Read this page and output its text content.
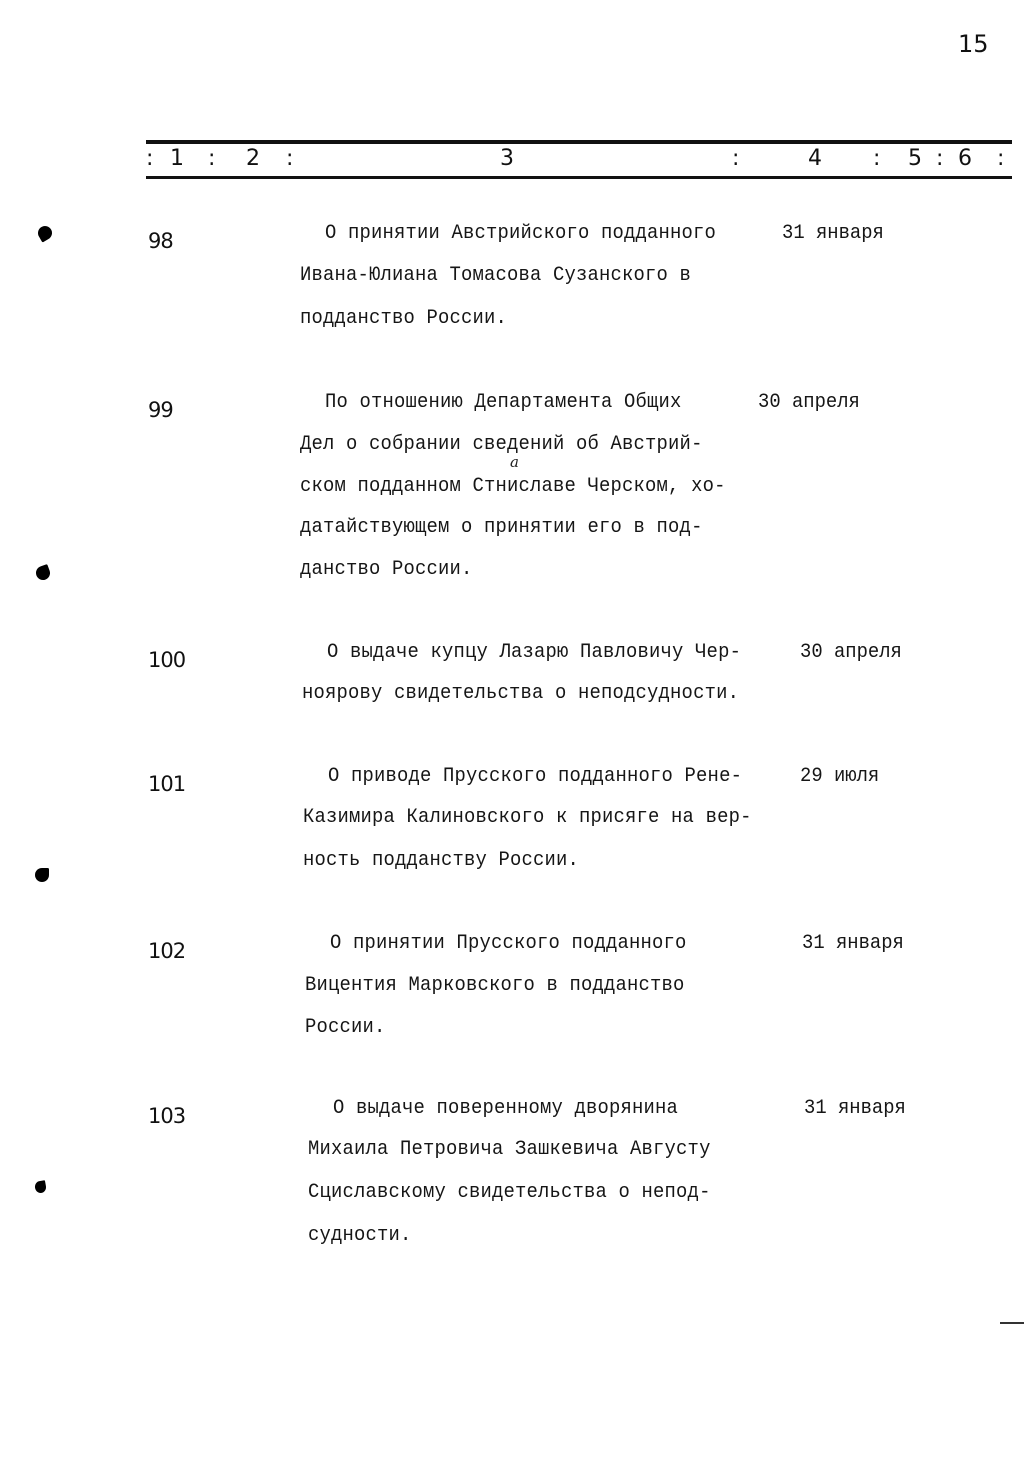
15
: 1 : 2 :	3	:	4 : 5 : 6 :
98	О принятии Австрийского подданного
Ивана-Юлиана Томасова Сузанского в
подданство России.
31 января
99	По отношению Департамента Общих
Дел о собрании сведений об Австрий-
а
ском подданном Стниславе Черском, хо-
датайствующем о принятии его в под-
данство России.
30 апреля
100	О выдаче купцу Лазарю Павловичу Чер-
ноярову свидетельства о неподсудности.
30 апреля
101	О приводе Прусского подданного Рене-
Казимира Калиновского к присяге на вер-
ность подданству России.
29 июля
102	О принятии Прусского подданного
Вицентия Марковского в подданство
России.
31 января
103	О выдаче поверенному дворянина
Михаила Петровича Зашкевича Августу
Сциславскому свидетельства о непод-
судности.
31 января
